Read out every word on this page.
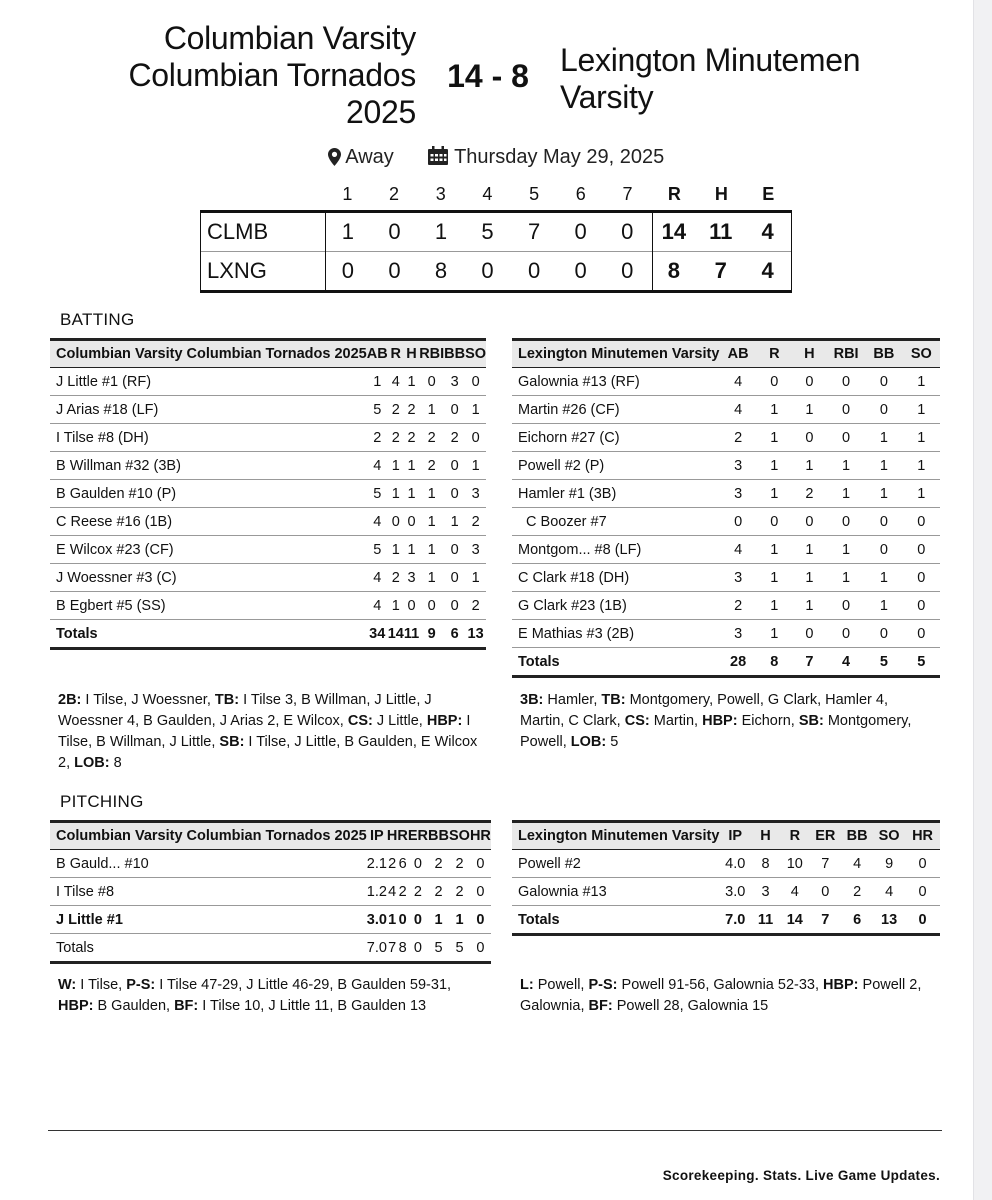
Columbian Varsity
Columbian Tornados
2025
14 - 8 Lexington Minutemen
Varsity
Away	Thursday May 29, 2025
1	2	3	4	5	6	7	R	H	E
CLMB	1	0	1	5	7	0	0	14	11	4
LXNG	0	0	8	0	0	0	0	8	7	4
BATTING
Columbian Varsity Columbian Tornados 2025	AB	R	H	RBI	BB	SO
J Little #1 (RF)	1	4	1	0	3	0
J Arias #18 (LF)	5	2	2	1	0	1
I Tilse #8 (DH)	2	2	2	2	2	0
B Willman #32 (3B)	4	1	1	2	0	1
B Gaulden #10 (P)	5	1	1	1	0	3
C Reese #16 (1B)	4	0	0	1	1	2
E Wilcox #23 (CF)	5	1	1	1	0	3
J Woessner #3 (C)	4	2	3	1	0	1
B Egbert #5 (SS)	4	1	0	0	0	2
Totals	34	14	11	9	6	13
Lexington Minutemen Varsity	AB	R	H	RBI	BB	SO
Galownia #13 (RF)	4	0	0	0	0	1
Martin #26 (CF)	4	1	1	0	0	1
Eichorn #27 (C)	2	1	0	0	1	1
Powell #2 (P)	3	1	1	1	1	1
Hamler #1 (3B)	3	1	2	1	1	1
C Boozer #7	0	0	0	0	0	0
Montgom... #8 (LF)	4	1	1	1	0	0
C Clark #18 (DH)	3	1	1	1	1	0
G Clark #23 (1B)	2	1	1	0	1	0
E Mathias #3 (2B)	3	1	0	0	0	0
Totals	28	8	7	4	5	5
2B: I Tilse, J Woessner, TB: I Tilse 3, B Willman, J Little, J Woessner 4, B Gaulden, J Arias 2, E Wilcox, CS: J Little, HBP: I Tilse, B Willman, J Little, SB: I Tilse, J Little, B Gaulden, E Wilcox 2, LOB: 8
3B: Hamler, TB: Montgomery, Powell, G Clark, Hamler 4, Martin, C Clark, CS: Martin, HBP: Eichorn, SB: Montgomery, Powell, LOB: 5
PITCHING
Columbian Varsity Columbian Tornados 2025	IP	H	R	ER	BB	SO	HR
B Gauld... #10	2.1	2	6	0	2	2	0
I Tilse #8	1.2	4	2	2	2	2	0
J Little #1	3.0	1	0	0	1	1	0
Totals	7.0	7	8	0	5	5	0
Lexington Minutemen Varsity	IP	H	R	ER	BB	SO	HR
Powell #2	4.0	8	10	7	4	9	0
Galownia #13	3.0	3	4	0	2	4	0
Totals	7.0	11	14	7	6	13	0
W: I Tilse, P-S: I Tilse 47-29, J Little 46-29, B Gaulden 59-31, HBP: B Gaulden, BF: I Tilse 10, J Little 11, B Gaulden 13
L: Powell, P-S: Powell 91-56, Galownia 52-33, HBP: Powell 2, Galownia, BF: Powell 28, Galownia 15
Scorekeeping. Stats. Live Game Updates.
